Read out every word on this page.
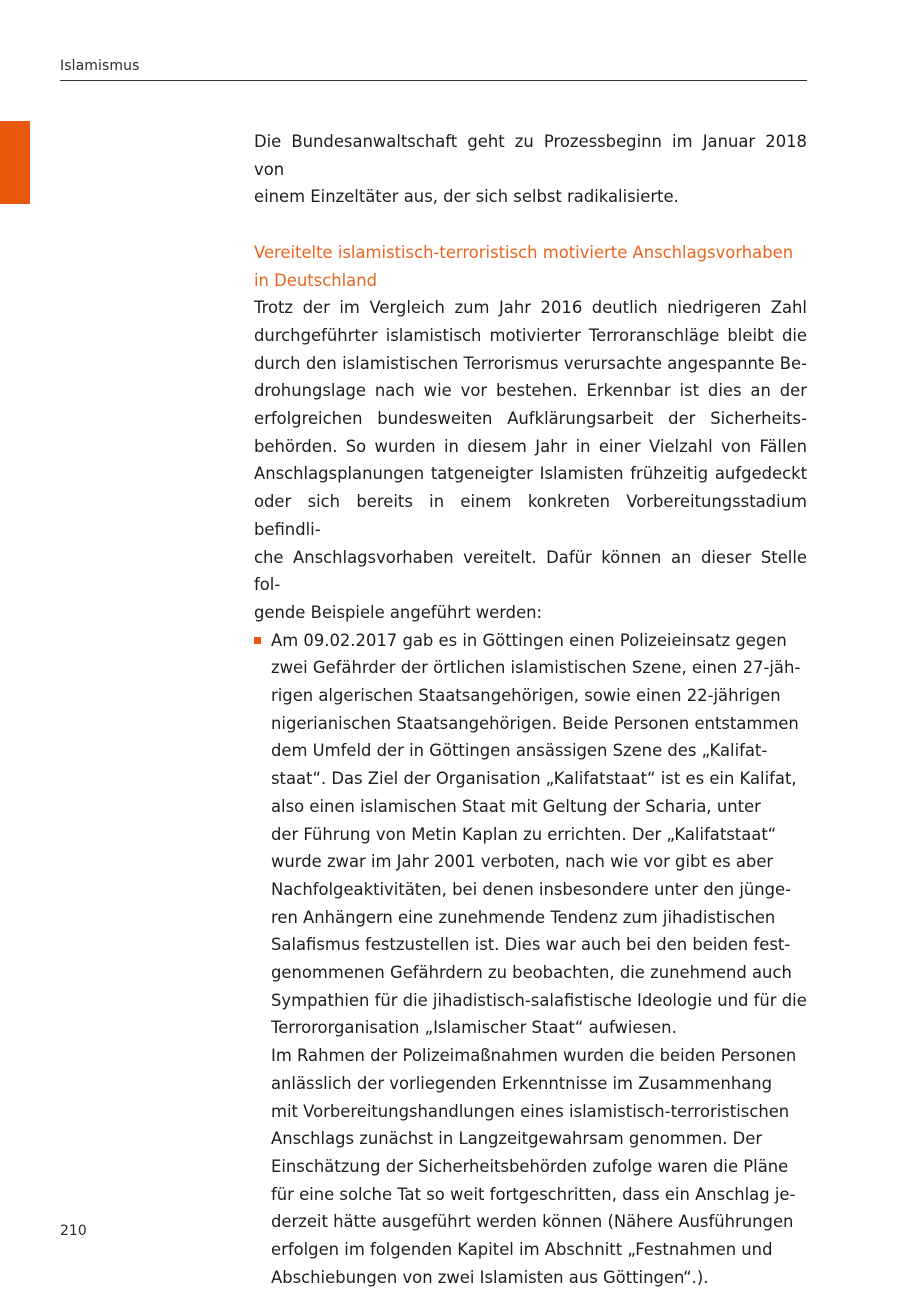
Islamismus

Die Bundesanwaltschaft geht zu Prozessbeginn im Januar 2018 von
einem Einzeltäter aus, der sich selbst radikalisierte.

Vereitelte islamistisch-terroristisch motivierte Anschlagsvorhaben
in Deutschland

Trotz der im Vergleich zum Jahr 2016 deutlich niedrigeren Zahl
durchgeführter islamistisch motivierter Terroranschläge bleibt die
durch den islamistischen Terrorismus verursachte angespannte Be-
drohungslage nach wie vor bestehen. Erkennbar ist dies an der
erfolgreichen bundesweiten Aufklärungsarbeit der Sicherheits-
behörden. So wurden in diesem Jahr in einer Vielzahl von Fällen
Anschlagsplanungen tatgeneigter Islamisten frühzeitig aufgedeckt
oder sich bereits in einem konkreten Vorbereitungsstadium befindli-
che Anschlagsvorhaben vereitelt. Dafür können an dieser Stelle fol-
gende Beispiele angeführt werden:

Am 09.02.2017 gab es in Göttingen einen Polizeieinsatz gegen
zwei Gefährder der örtlichen islamistischen Szene, einen 27-jäh-
rigen algerischen Staatsangehörigen, sowie einen 22-jährigen
nigerianischen Staatsangehörigen. Beide Personen entstammen
dem Umfeld der in Göttingen ansässigen Szene des „Kalifat-
staat“. Das Ziel der Organisation „Kalifatstaat“ ist es ein Kalifat,
also einen islamischen Staat mit Geltung der Scharia, unter
der Führung von Metin Kaplan zu errichten. Der „Kalifatstaat“
wurde zwar im Jahr 2001 verboten, nach wie vor gibt es aber
Nachfolgeaktivitäten, bei denen insbesondere unter den jünge-
ren Anhängern eine zunehmende Tendenz zum jihadistischen
Salafismus festzustellen ist. Dies war auch bei den beiden fest-
genommenen Gefährdern zu beobachten, die zunehmend auch
Sympathien für die jihadistisch-salafistische Ideologie und für die
Terrororganisation „Islamischer Staat“ aufwiesen.
Im Rahmen der Polizeimaßnahmen wurden die beiden Personen
anlässlich der vorliegenden Erkenntnisse im Zusammenhang
mit Vorbereitungshandlungen eines islamistisch-terroristischen
Anschlags zunächst in Langzeitgewahrsam genommen. Der
Einschätzung der Sicherheitsbehörden zufolge waren die Pläne
für eine solche Tat so weit fortgeschritten, dass ein Anschlag je-
derzeit hätte ausgeführt werden können (Nähere Ausführungen
erfolgen im folgenden Kapitel im Abschnitt „Festnahmen und
Abschiebungen von zwei Islamisten aus Göttingen“.).
210
